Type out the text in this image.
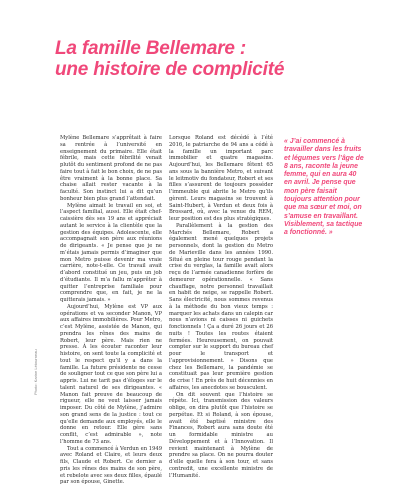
La famille Bellemare :
une histoire de complicité

Mylène Bellemare s’apprêtait à faire sa rentrée à l’université en enseignement du primaire. Elle était fébrile, mais cette fébrilité venait plutôt du sentiment profond de ne pas faire tout à fait le bon choix, de ne pas être vraiment à la bonne place. Sa chaise allait rester vacante à la faculté. Son instinct lui a dit qu’un bonheur bien plus grand l’attendait.

Mylène aimait le travail en soi, et l’aspect familial, aussi. Elle était chef-caissière dès ses 19 ans et appréciait autant le service à la clientèle que la gestion des équipes. Adolescente, elle accompagnait son père aux réunions de dirigeants. « Je pense que je ne m’étais jamais permis d’imaginer que mon Metro puisse devenir ma vraie carrière, note-t-elle. Ce travail avait d’abord constitué un jeu, puis un job d’étudiante. Il m’a fallu m’apprêter à quitter l’entreprise familiale pour comprendre que, en fait, je ne la quitterais jamais. »

Aujourd’hui, Mylène est VP aux opérations et va seconder Manon, VP aux affaires immobilières. Pour Metro, c’est Mylène, assistée de Manon, qui prendra les rênes des mains de Robert, leur père. Mais rien ne presse. À les écouter raconter leur histoire, on sent toute la complicité et tout le respect qu’il y a dans la famille. La future présidente ne cesse de souligner tout ce que son père lui a appris. Lui ne tarit pas d’éloges sur le talent naturel de ses dirigeantes. « Manon fait preuve de beaucoup de rigueur, elle ne veut laisser jamais imposer. Du côté de Mylène, j’admire son grand sens de la justice : tout ce qu’elle demande aux employés, elle le donne en retour. Elle gère sans conflit, c’est admirable », note l’homme de 73 ans.

Tout a commencé à Verdun en 1949 avec Roland et Claire, et leurs deux fils, Claude et Robert. Ce dernier a pris les rênes des mains de son père, et rebelote avec ses deux filles, épaulé par son épouse, Ginette.

Lorsque Roland est décédé à l’été 2016, le patriarche de 94 ans a cédé à la famille un important parc immobilier et quatre magasins. Aujourd’hui, les Bellemare fêtent 65 ans sous la bannière Metro, et suivant le leitmotiv du fondateur, Robert et ses filles s’assurent de toujours posséder l’immeuble qui abrite le Metro qu’ils gèrent. Leurs magasins se trouvent à Saint-Hubert, à Verdun et deux fois à Brossard, où, avec la venue du REM, leur position est des plus stratégiques.

Parallèlement à la gestion des Marchés Bellemare, Robert a également mené quelques projets personnels, dont la gestion du Metro de Marieville dans les années 1990. Situé en pleine tour rouge pendant la crise du verglas, la famille avait alors reçu de l’armée canadienne forfère de demeurer opérationnelle. « Sans chauffage, notre personnel travaillait en habit de neige, se rappelle Robert. Sans électricité, nous sommes revenus à la méthode du bon vieux temps : marquer les achats dans un calepin car nous n’avions ni caisses ni guichets fonctionnels ! Ça a duré 26 jours et 26 nuits ! Toutes les routes étaient fermées. Heureusement, on pouvait compter sur le support du bureau chef pour le transport et l’approvisionnement. » Disons que chez les Bellemare, la pandémie se constituait pas leur première gestion de crise ! En près de huit décennies en affaires, les anecdotes se bousculent.

On dit souvent que l’histoire se répète. Ici, transmission des valeurs oblige, on dira plutôt que l’histoire se perpétue. Et si Roland, à son épouse, avait été baptisé ministre des Finances, Robert aura sans doute été un formidable ministre au Développement et à l’Innovation. Il revient maintenant à Mylène de prendre sa place. On ne pourra douter d’elle quelle fera à son tour, et sans contredit, une excellente ministre de l’Humanité.

« J’ai commencé à travailler dans les fruits et légumes vers l’âge de 8 ans, raconte la jeune femme, qui en aura 40 en avril. Je pense que mon père faisait toujours attention pour que ma sœur et moi, on s’amuse en travaillant. Visiblement, sa tactique a fonctionné. »
Photo: Karine Létourneau
